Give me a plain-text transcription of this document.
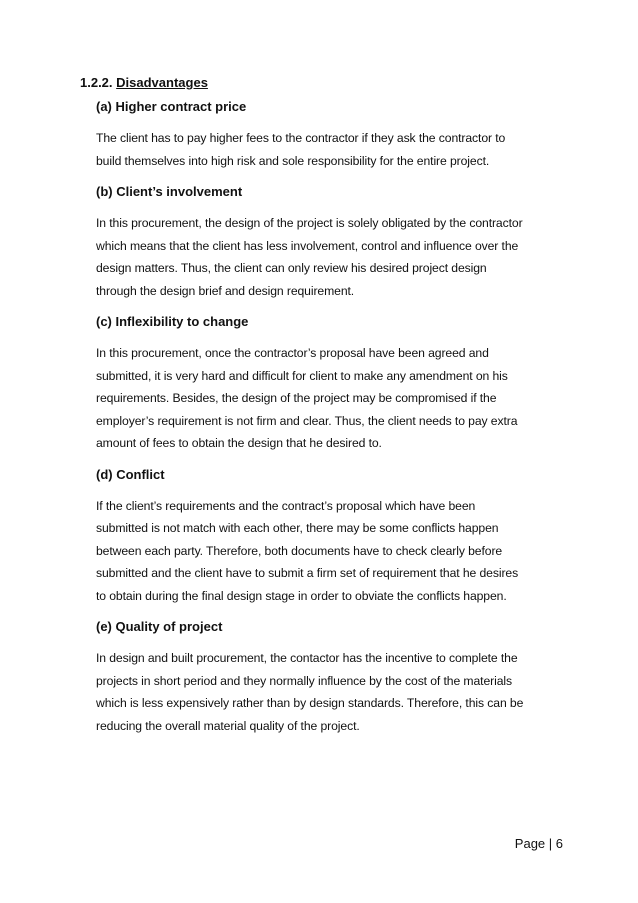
1.2.2. Disadvantages
(a) Higher contract price
The client has to pay higher fees to the contractor if they ask the contractor to
build themselves into high risk and sole responsibility for the entire project.
(b) Client’s involvement
In this procurement, the design of the project is solely obligated by the contractor
which means that the client has less involvement, control and influence over the
design matters. Thus, the client can only review his desired project design
through the design brief and design requirement.
(c) Inflexibility to change
In this procurement, once the contractor’s proposal have been agreed and
submitted, it is very hard and difficult for client to make any amendment on his
requirements. Besides, the design of the project may be compromised if the
employer’s requirement is not firm and clear. Thus, the client needs to pay extra
amount of fees to obtain the design that he desired to.
(d) Conflict
If the client’s requirements and the contract’s proposal which have been
submitted is not match with each other, there may be some conflicts happen
between each party. Therefore, both documents have to check clearly before
submitted and the client have to submit a firm set of requirement that he desires
to obtain during the final design stage in order to obviate the conflicts happen.
(e) Quality of project
In design and built procurement, the contactor has the incentive to complete the
projects in short period and they normally influence by the cost of the materials
which is less expensively rather than by design standards. Therefore, this can be
reducing the overall material quality of the project.
Page | 6
